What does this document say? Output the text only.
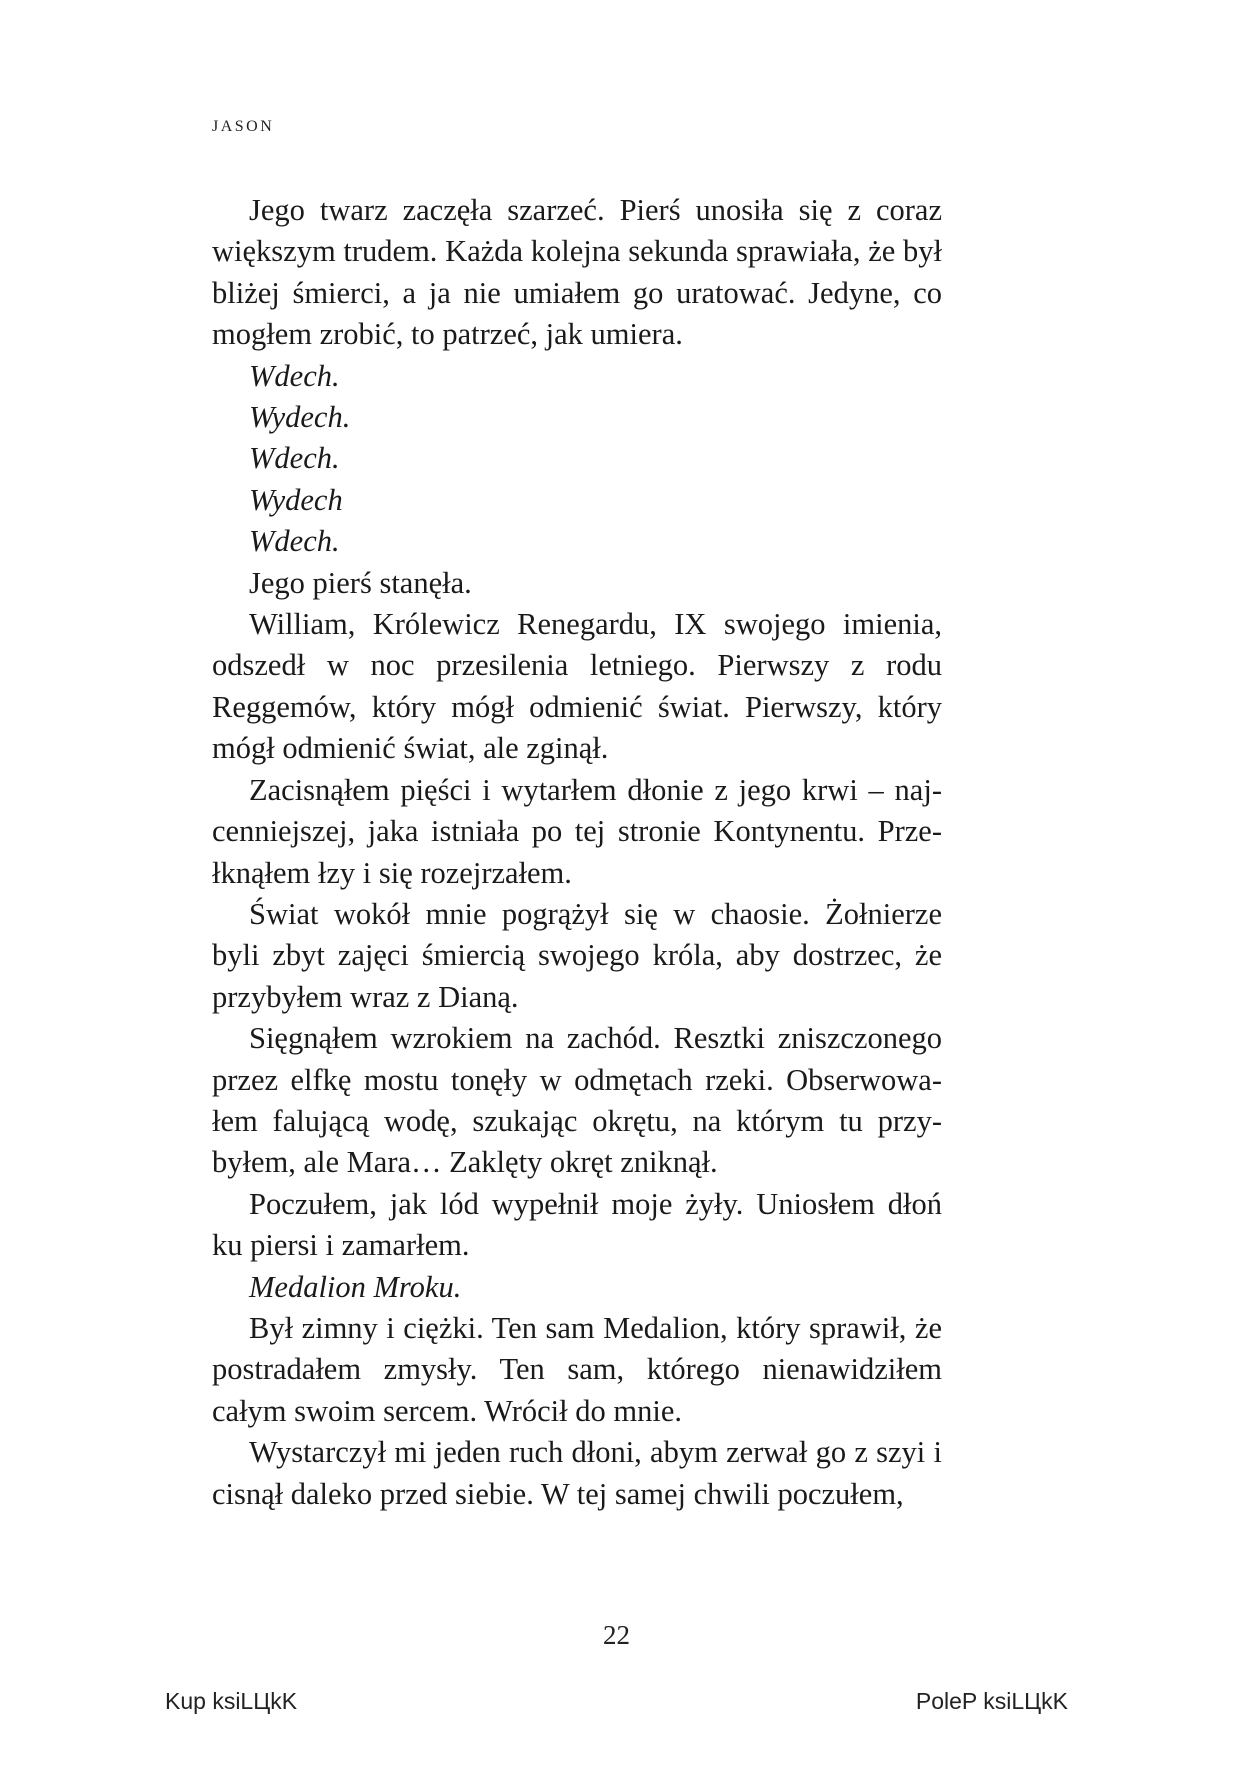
JASON

Jego twarz zaczęła szarzeć. Pierś unosiła się z coraz większym trudem. Każda kolejna sekunda sprawiała, że był bliżej śmierci, a ja nie umiałem go uratować. Jedyne, co mogłem zrobić, to patrzeć, jak umiera.

Wdech.

Wydech.

Wdech.

Wydech

Wdech.

Jego pierś stanęła.

William, Królewicz Renegardu, IX swojego imienia, odszedł w noc przesilenia letniego. Pierwszy z rodu Reggemów, który mógł odmienić świat. Pierwszy, który mógł odmienić świat, ale zginął.

Zacisnąłem pięści i wytarłem dłonie z jego krwi – najcenniejszej, jaka istniała po tej stronie Kontynentu. Przełknąłem łzy i się rozejrzałem.

Świat wokół mnie pogrążył się w chaosie. Żołnierze byli zbyt zajęci śmiercią swojego króla, aby dostrzec, że przybyłem wraz z Dianą.

Sięgnąłem wzrokiem na zachód. Resztki zniszczonego przez elfkę mostu tonęły w odmętach rzeki. Obserwowałem falującą wodę, szukając okrętu, na którym tu przybyłem, ale Mara… Zaklęty okręt zniknął.

Poczułem, jak lód wypełnił moje żyły. Uniosłem dłoń ku piersi i zamarłem.

Medalion Mroku.

Był zimny i ciężki. Ten sam Medalion, który sprawił, że postradałem zmysły. Ten sam, którego nienawidziłem całym swoim sercem. Wrócił do mnie.

Wystarczył mi jeden ruch dłoni, abym zerwał go z szyi i cisnął daleko przed siebie. W tej samej chwili poczułem,

22
Kup ksiLЦkK	PoleP ksiLЦkK
